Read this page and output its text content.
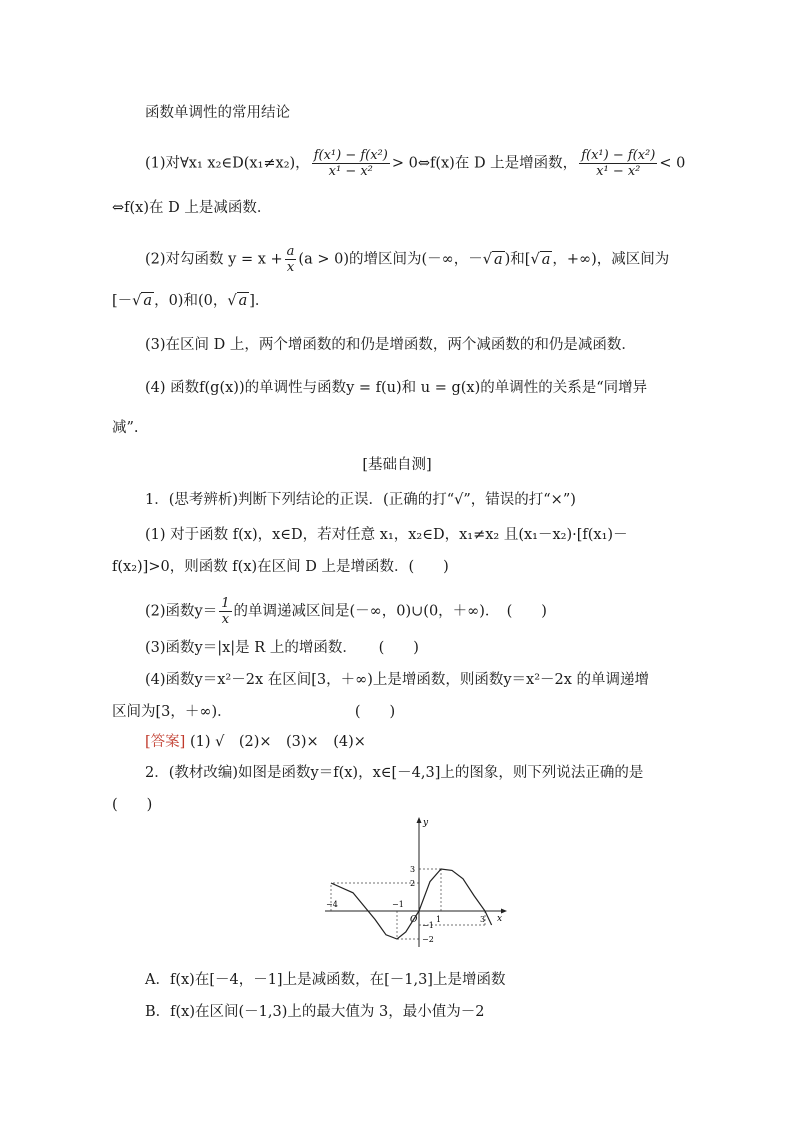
函数单调性的常用结论
(1)对∀x₁ x₂∈D(x₁≠x₂)， $\frac{\text{f(x¹) − f(x²)}}{\text{x¹ − x²}}$ > 0⇔f(x)在 D 上是增函数， $\frac{\text{f(x¹) − f(x²)}}{\text{x¹ − x²}} < 0$
⇔f(x)在 D 上是减函数．
(2)对勾函数 $y = x + \frac{a}{x} (a > 0)$的增区间为(－∞，－√ a )和[√ a ，+∞)，减区间为
[－√ a ，0)和(0，√ a ]．
(3)在区间 D 上，两个增函数的和仍是增函数，两个减函数的和仍是减函数．
(4) 函数f(g(x))的单调性与函数y = f(u)和 u = g(x)的单调性的关系是“同增异
减”.
[基础自测]
1．(思考辨析)判断下列结论的正误．(正确的打“√”，错误的打“×”)
(1) 对于函数 f(x)，x∈D，若对任意 x₁，x₂∈D，x₁≠x₂ 且(x₁－x₂)·[f(x₁)－
f(x₂)]>0，则函数 f(x)在区间 D 上是增函数．(　　)
(2)函数$y= \frac{1}{x}$ 的单调递减区间是(－∞，0)∪(0，＋∞)．　(　　)
(3)函数y＝|x|是 R 上的增函数．　　(　　)
(4)函数y＝x²－2x 在区间[3，＋∞)上是增函数，则函数y＝x²－2x 的单调递增
区间为[3，＋∞)．　　　　　　　　　(　　)
[答案] (1) √　(2)×　(3)×　(4)×
2．(教材改编)如图是函数y＝f(x)，x∈[－4,3]上的图象，则下列说法正确的是
(　　)
x
y
O
−4	−1
1	3
3
2
−1
−2
A．f(x)在[－4，－1]上是减函数，在[－1,3]上是增函数
B．f(x)在区间(－1,3)上的最大值为 3，最小值为－2
